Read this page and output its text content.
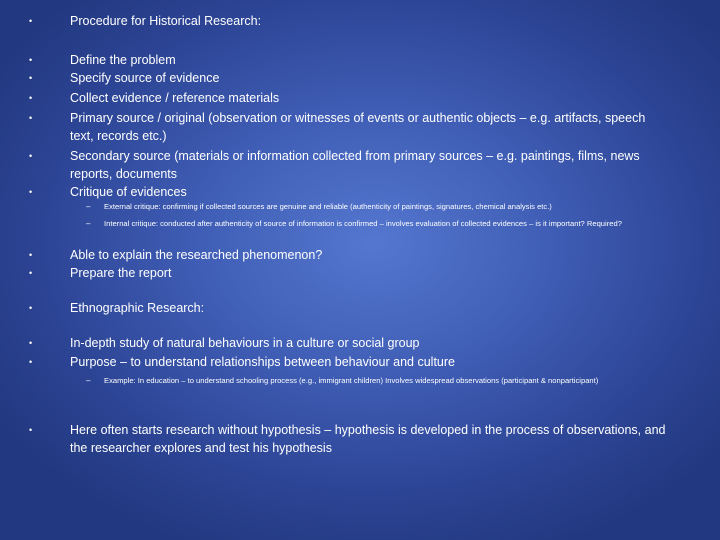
•	Procedure for Historical Research:
•	Define the problem
•	Specify source of evidence
•	Collect evidence / reference materials
•	Primary source / original (observation or witnesses of events or authentic objects – e.g. artifacts, speech text, records etc.)
•	Secondary source (materials or information collected from primary sources – e.g. paintings, films, news reports, documents
•	Critique of evidences
– External critique: confirming if collected sources are genuine and reliable (authenticity of paintings, signatures, chemical analysis etc.)
– Internal critique: conducted after authenticity of source of information is confirmed – involves evaluation of collected evidences – is it important? Required?
•	Able to explain the researched phenomenon?
•	Prepare the report
•	Ethnographic Research:
•	In-depth study of natural behaviours in a culture or social group
•	Purpose – to understand relationships between behaviour and culture
– Example: In education – to understand schooling process (e.g., immigrant children) Involves widespread observations (participant & nonparticipant)
•	Here often starts research without hypothesis – hypothesis is developed in the process of observations, and the researcher explores and test his hypothesis
